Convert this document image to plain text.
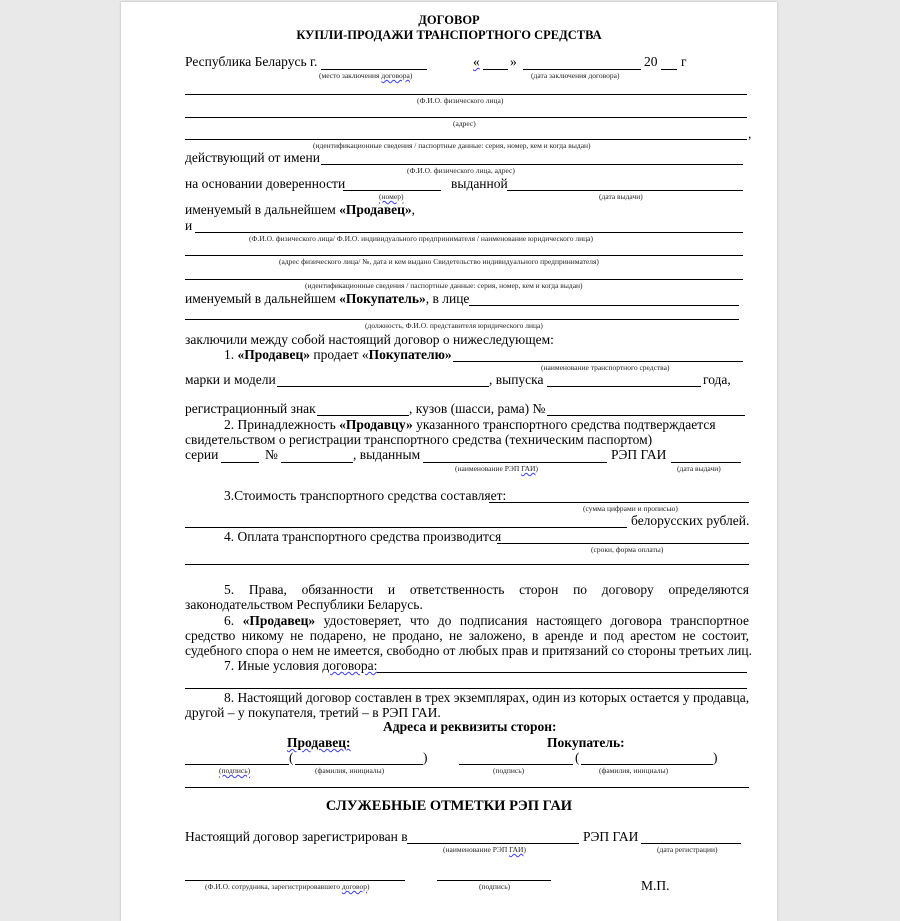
ДОГОВОР
КУПЛИ-ПРОДАЖИ ТРАНСПОРТНОГО СРЕДСТВА
Республика Беларусь г.	« »	20 г
(место заключения договора)	(дата заключения договора)
(Ф.И.О. физического лица)
(адрес)
,
(идентификационные сведения / паспортные данные: серия, номер, кем и когда выдан)
действующий от имени
(Ф.И.О. физического лица, адрес)
на основании доверенности	выданной
(номер)	(дата выдачи)
именуемый в дальнейшем «Продавец»,
и
(Ф.И.О. физического лица/ Ф.И.О. индивидуального предпринимателя / наименование юридического лица)
(адрес физического лица/ №, дата и кем выдано Свидетельство индивидуального предпринимателя)
(идентификационные сведения / паспортные данные: серия, номер, кем и когда выдан)
именуемый в дальнейшем «Покупатель», в лице
(должность, Ф.И.О. представителя юридического лица)
заключили между собой настоящий договор о нижеследующем:
1. «Продавец» продает «Покупателю»
(наименование транспортного средства)
марки и модели	, выпуска	года,
регистрационный знак	, кузов (шасси, рама) №
2. Принадлежность «Продавцу» указанного транспортного средства подтверждается
свидетельством о регистрации транспортного средства (техническим паспортом)
серии	№	, выданным	РЭП ГАИ
(наименование РЭП ГАИ)	(дата выдачи)
3.Стоимость транспортного средства составляет:
(сумма цифрами и прописью)
белорусских рублей.
4. Оплата транспортного средства производится
(сроки, форма оплаты)
5. Права, обязанности и ответственность сторон по договору определяются
законодательством Республики Беларусь.
6. «Продавец» удостоверяет, что до подписания настоящего договора транспортное
средство никому не подарено, не продано, не заложено, в аренде и под арестом не состоит,
судебного спора о нем не имеется, свободно от любых прав и притязаний со стороны третьих лиц.
7. Иные условия договора:
8. Настоящий договор составлен в трех экземплярах, один из которых остается у продавца,
другой – у покупателя, третий – в РЭП ГАИ.
Адреса и реквизиты сторон:
Продавец:	Покупатель:
(	)
(подпись)	(фамилия, инициалы)
(	)
(подпись)	(фамилия, инициалы)
СЛУЖЕБНЫЕ ОТМЕТКИ РЭП ГАИ
Настоящий договор зарегистрирован в	РЭП ГАИ
(наименование РЭП ГАИ)	(дата регистрации)
(Ф.И.О. сотрудника, зарегистрировавшего договор)	(подпись)	М.П.
